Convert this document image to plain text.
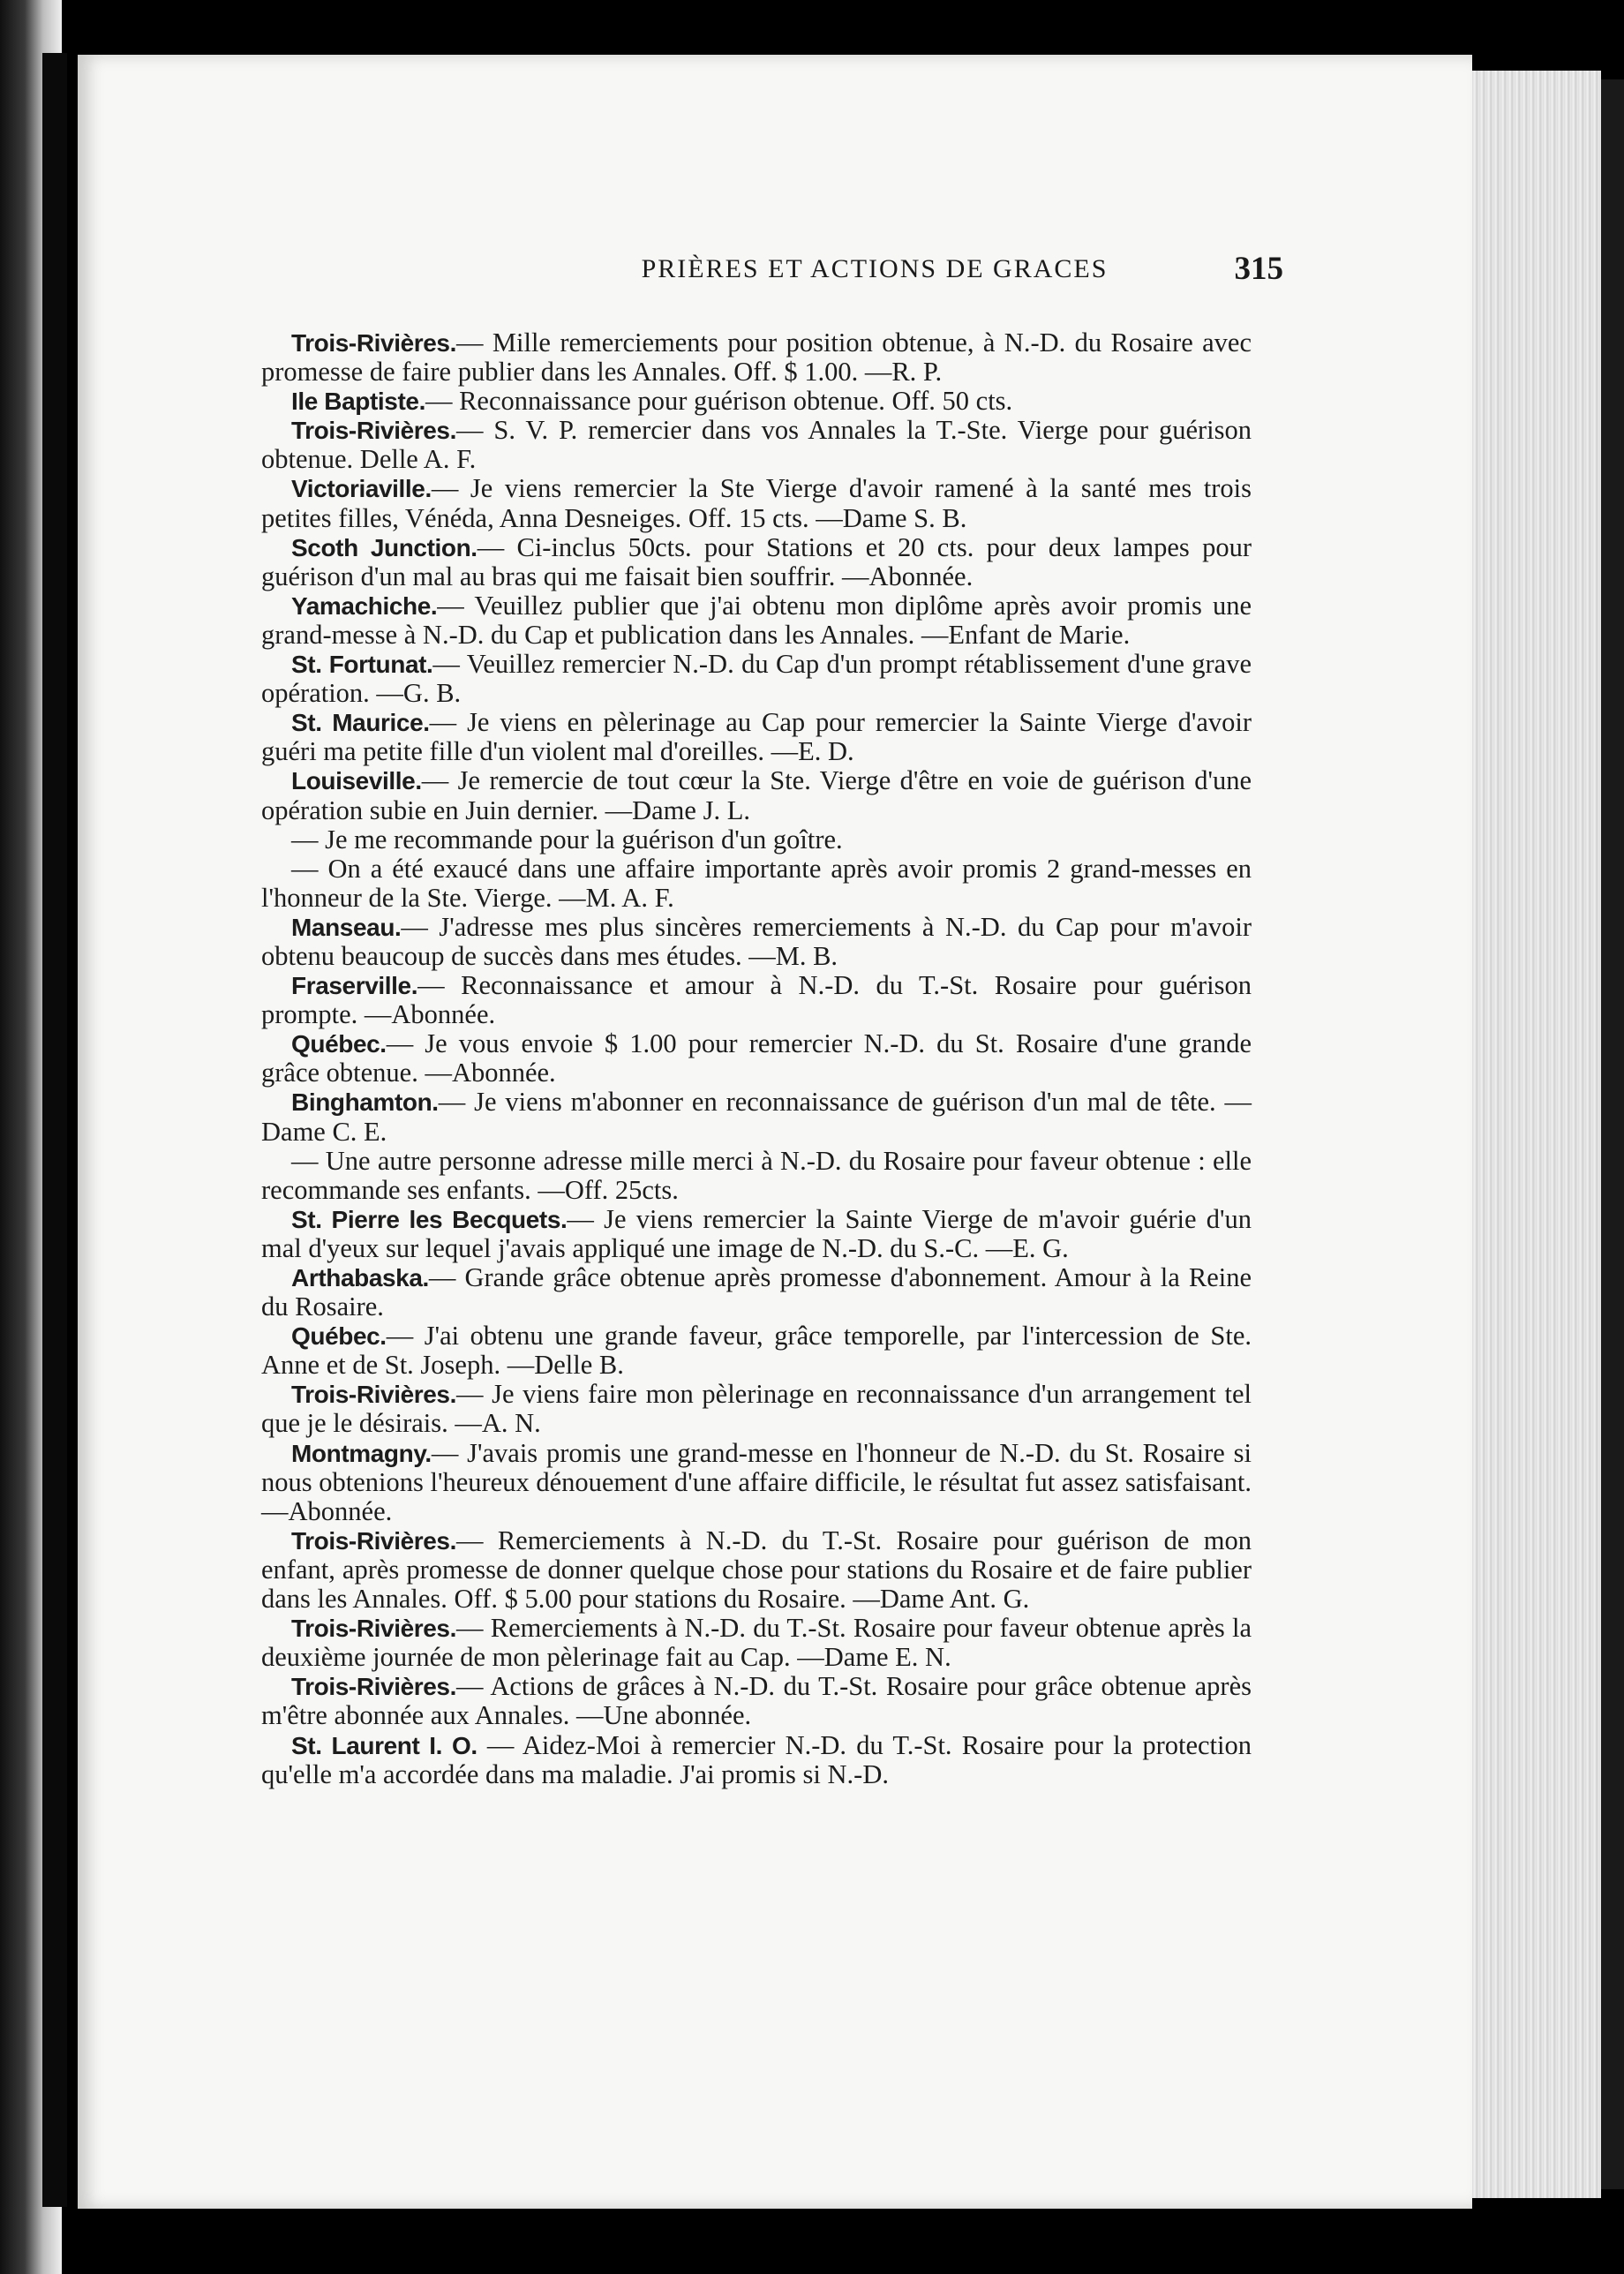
PRIÈRES ET ACTIONS DE GRACES	315

Trois-Rivières.— Mille remerciements pour position obtenue, à N.-D. du Rosaire avec promesse de faire publier dans les Annales. Off. $ 1.00. —R. P.

Ile Baptiste.— Reconnaissance pour guérison obtenue. Off. 50 cts.

Trois-Rivières.— S. V. P. remercier dans vos Annales la T.-Ste. Vierge pour guérison obtenue. Delle A. F.

Victoriaville.— Je viens remercier la Ste Vierge d'avoir ramené à la santé mes trois petites filles, Vénéda, Anna Desneiges. Off. 15 cts. —Dame S. B.

Scoth Junction.— Ci-inclus 50cts. pour Stations et 20 cts. pour deux lampes pour guérison d'un mal au bras qui me faisait bien souffrir. —Abonnée.

Yamachiche.— Veuillez publier que j'ai obtenu mon diplôme après avoir promis une grand-messe à N.-D. du Cap et publication dans les Annales. —Enfant de Marie.

St. Fortunat.— Veuillez remercier N.-D. du Cap d'un prompt rétablissement d'une grave opération. —G. B.

St. Maurice.— Je viens en pèlerinage au Cap pour remercier la Sainte Vierge d'avoir guéri ma petite fille d'un violent mal d'oreilles. —E. D.

Louiseville.— Je remercie de tout cœur la Ste. Vierge d'être en voie de guérison d'une opération subie en Juin dernier. —Dame J. L.

— Je me recommande pour la guérison d'un goître.

— On a été exaucé dans une affaire importante après avoir promis 2 grand-messes en l'honneur de la Ste. Vierge. —M. A. F.

Manseau.— J'adresse mes plus sincères remerciements à N.-D. du Cap pour m'avoir obtenu beaucoup de succès dans mes études. —M. B.

Fraserville.— Reconnaissance et amour à N.-D. du T.-St. Rosaire pour guérison prompte. —Abonnée.

Québec.— Je vous envoie $ 1.00 pour remercier N.-D. du St. Rosaire d'une grande grâce obtenue. —Abonnée.

Binghamton.— Je viens m'abonner en reconnaissance de guérison d'un mal de tête. —Dame C. E.

— Une autre personne adresse mille merci à N.-D. du Rosaire pour faveur obtenue : elle recommande ses enfants. —Off. 25cts.

St. Pierre les Becquets.— Je viens remercier la Sainte Vierge de m'avoir guérie d'un mal d'yeux sur lequel j'avais appliqué une image de N.-D. du S.-C. —E. G.

Arthabaska.— Grande grâce obtenue après promesse d'abonnement. Amour à la Reine du Rosaire.

Québec.— J'ai obtenu une grande faveur, grâce temporelle, par l'intercession de Ste. Anne et de St. Joseph. —Delle B.

Trois-Rivières.— Je viens faire mon pèlerinage en reconnaissance d'un arrangement tel que je le désirais. —A. N.

Montmagny.— J'avais promis une grand-messe en l'honneur de N.-D. du St. Rosaire si nous obtenions l'heureux dénouement d'une affaire difficile, le résultat fut assez satisfaisant. —Abonnée.

Trois-Rivières.— Remerciements à N.-D. du T.-St. Rosaire pour guérison de mon enfant, après promesse de donner quelque chose pour stations du Rosaire et de faire publier dans les Annales. Off. $ 5.00 pour stations du Rosaire. —Dame Ant. G.

Trois-Rivières.— Remerciements à N.-D. du T.-St. Rosaire pour faveur obtenue après la deuxième journée de mon pèlerinage fait au Cap. —Dame E. N.

Trois-Rivières.— Actions de grâces à N.-D. du T.-St. Rosaire pour grâce obtenue après m'être abonnée aux Annales. —Une abonnée.

St. Laurent I. O. — Aidez-Moi à remercier N.-D. du T.-St. Rosaire pour la protection qu'elle m'a accordée dans ma maladie. J'ai promis si N.-D.
